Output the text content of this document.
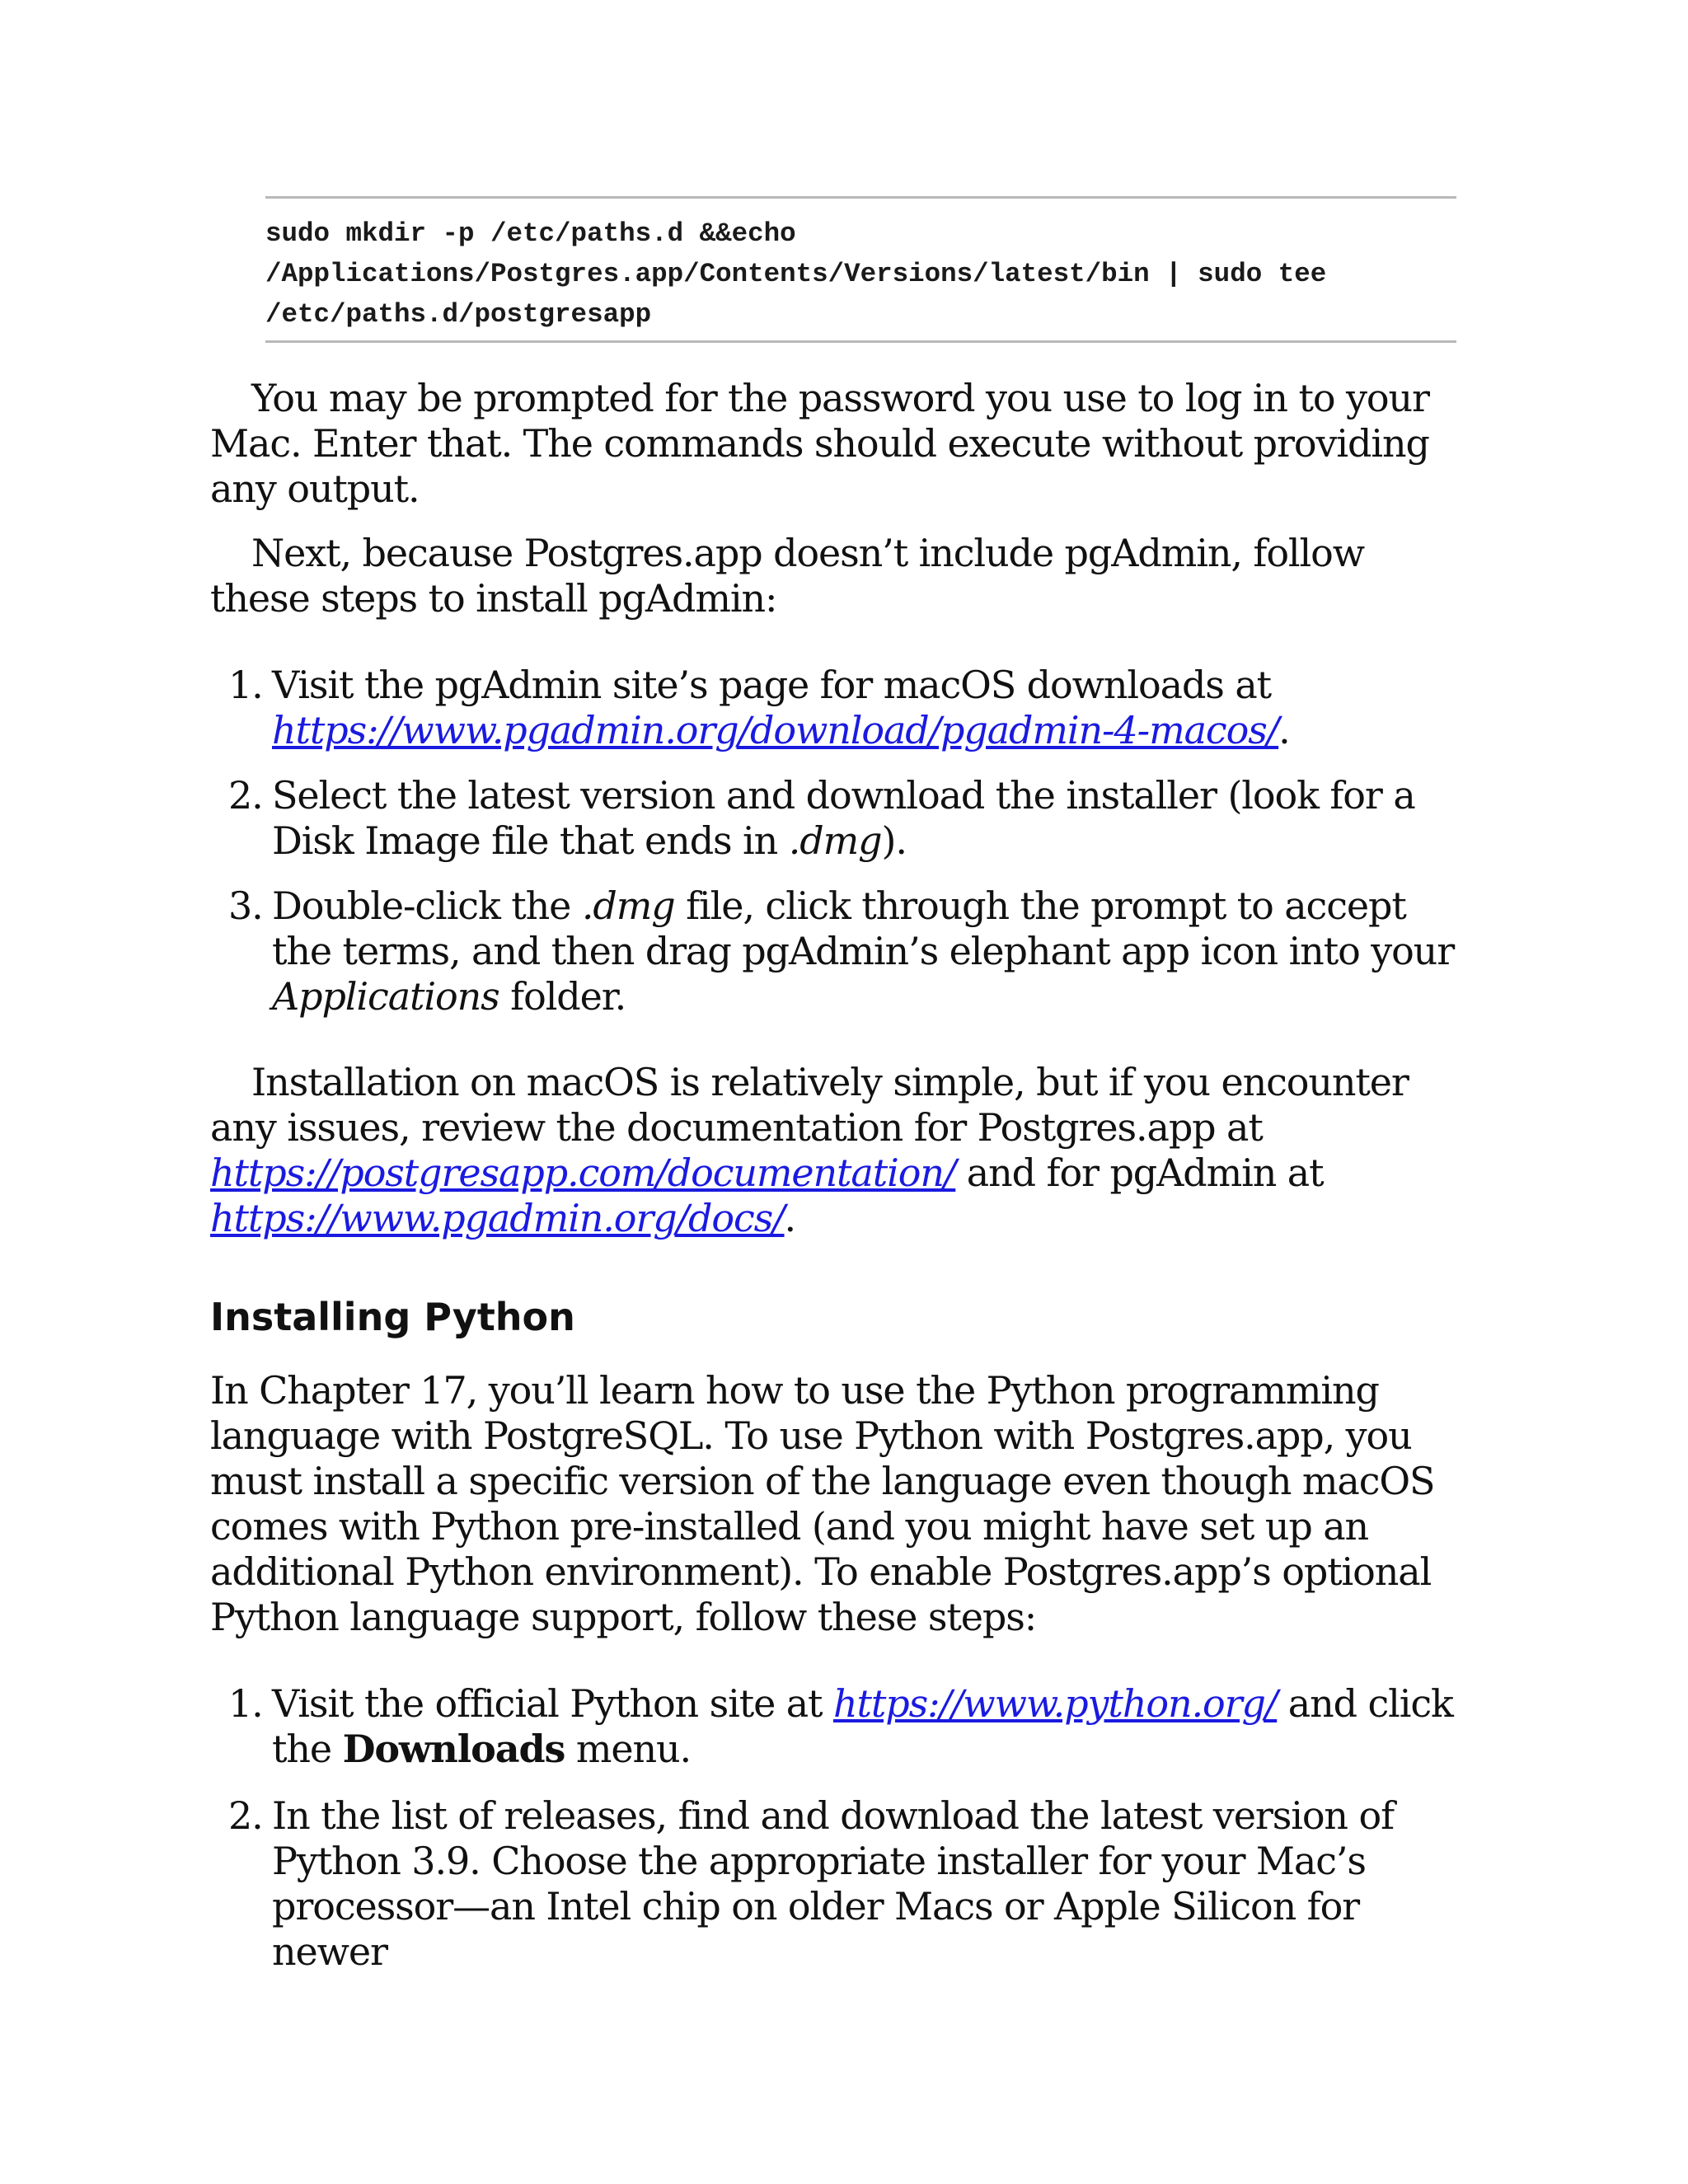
sudo mkdir -p /etc/paths.d &&echo
/Applications/Postgres.app/Contents/Versions/latest/bin | sudo tee
/etc/paths.d/postgresapp

You may be prompted for the password you use to log in to your Mac. Enter that. The commands should execute without providing any output.

Next, because Postgres.app doesn’t include pgAdmin, follow these steps to install pgAdmin:

1. Visit the pgAdmin site’s page for macOS downloads at https://www.pgadmin.org/download/pgadmin-4-macos/.
2. Select the latest version and download the installer (look for a Disk Image file that ends in .dmg).
3. Double-click the .dmg file, click through the prompt to accept the terms, and then drag pgAdmin’s elephant app icon into your Applications folder.

Installation on macOS is relatively simple, but if you encounter any issues, review the documentation for Postgres.app at https://postgresapp.com/documentation/ and for pgAdmin at https://www.pgadmin.org/docs/.

Installing Python

In Chapter 17, you’ll learn how to use the Python programming language with PostgreSQL. To use Python with Postgres.app, you must install a specific version of the language even though macOS comes with Python pre-installed (and you might have set up an additional Python environment). To enable Postgres.app’s optional Python language support, follow these steps:

1. Visit the official Python site at https://www.python.org/ and click the Downloads menu.
2. In the list of releases, find and download the latest version of Python 3.9. Choose the appropriate installer for your Mac’s processor—an Intel chip on older Macs or Apple Silicon for newer
